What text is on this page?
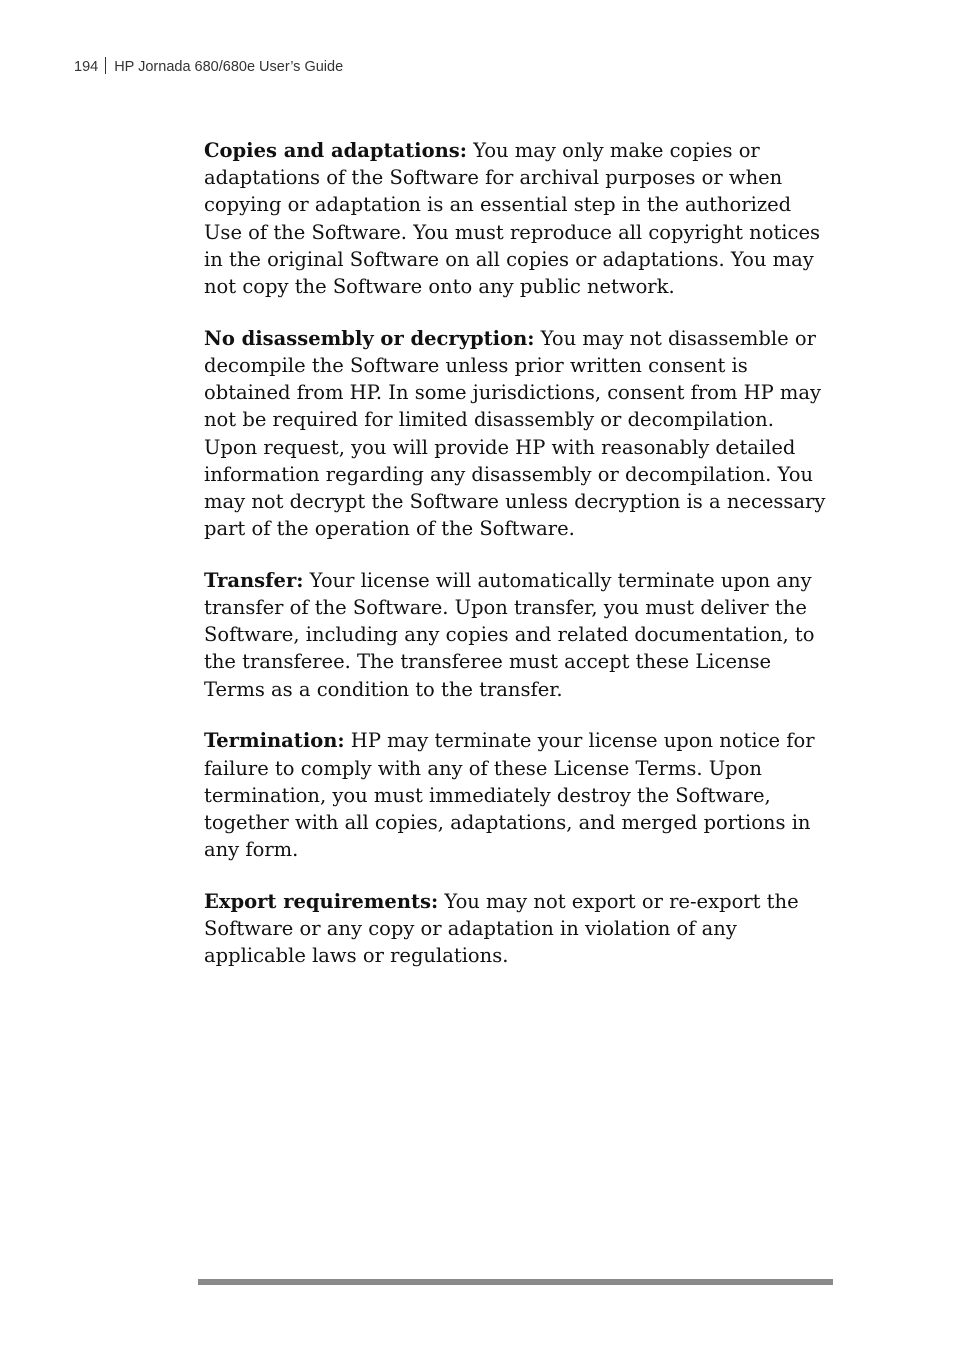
194 HP Jornada 680/680e User’s Guide

Copies and adaptations: You may only make copies or adaptations of the Software for archival purposes or when copying or adaptation is an essential step in the authorized Use of the Software. You must reproduce all copyright notices in the original Software on all copies or adaptations. You may not copy the Software onto any public network.

No disassembly or decryption: You may not disassemble or decompile the Software unless prior written consent is obtained from HP. In some jurisdictions, consent from HP may not be required for limited disassembly or decompilation. Upon request, you will provide HP with reasonably detailed information regarding any disassembly or decompilation. You may not decrypt the Software unless decryption is a necessary part of the operation of the Software.

Transfer: Your license will automatically terminate upon any transfer of the Software. Upon transfer, you must deliver the Software, including any copies and related documentation, to the transferee. The transferee must accept these License Terms as a condition to the transfer.

Termination: HP may terminate your license upon notice for failure to comply with any of these License Terms. Upon termination, you must immediately destroy the Software, together with all copies, adaptations, and merged portions in any form.

Export requirements: You may not export or re-export the Software or any copy or adaptation in violation of any applicable laws or regulations.
